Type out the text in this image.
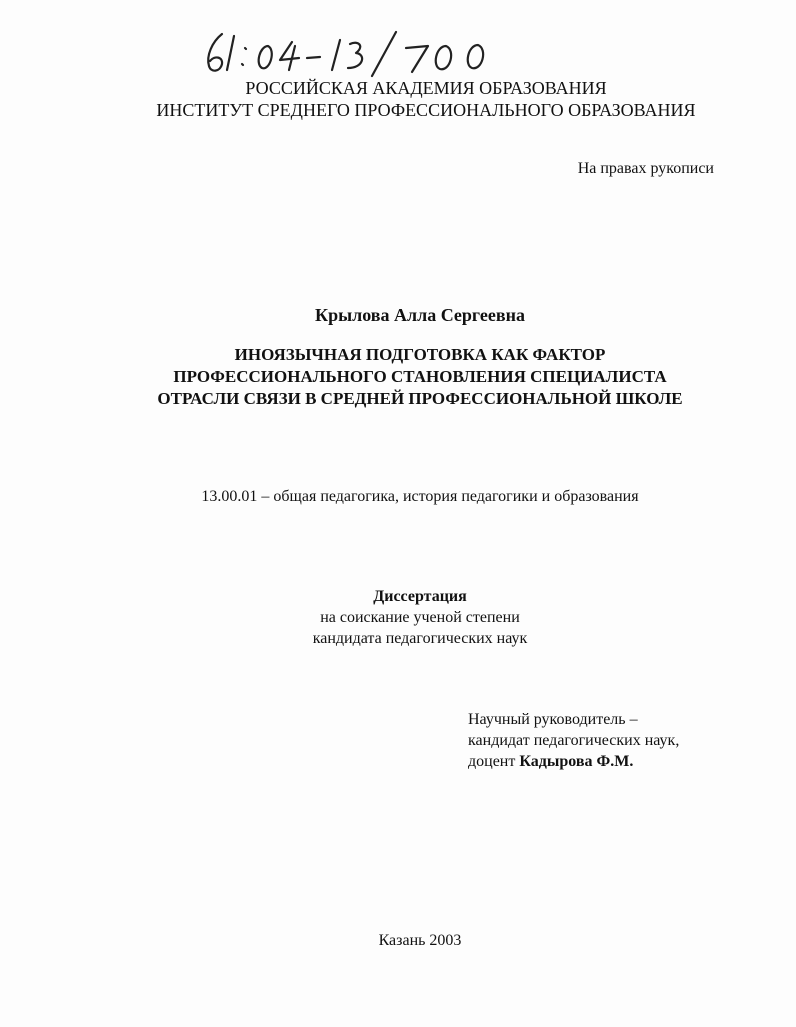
РОССИЙСКАЯ АКАДЕМИЯ ОБРАЗОВАНИЯ
ИНСТИТУТ СРЕДНЕГО ПРОФЕССИОНАЛЬНОГО ОБРАЗОВАНИЯ
На правах рукописи
Крылова Алла Сергеевна
ИНОЯЗЫЧНАЯ ПОДГОТОВКА КАК ФАКТОР
ПРОФЕССИОНАЛЬНОГО СТАНОВЛЕНИЯ СПЕЦИАЛИСТА
ОТРАСЛИ СВЯЗИ В СРЕДНЕЙ ПРОФЕССИОНАЛЬНОЙ ШКОЛЕ
13.00.01 – общая педагогика, история педагогики и образования
Диссертация
на соискание ученой степени
кандидата педагогических наук
Научный руководитель –
кандидат педагогических наук,
доцент Кадырова Ф.М.
Казань 2003
